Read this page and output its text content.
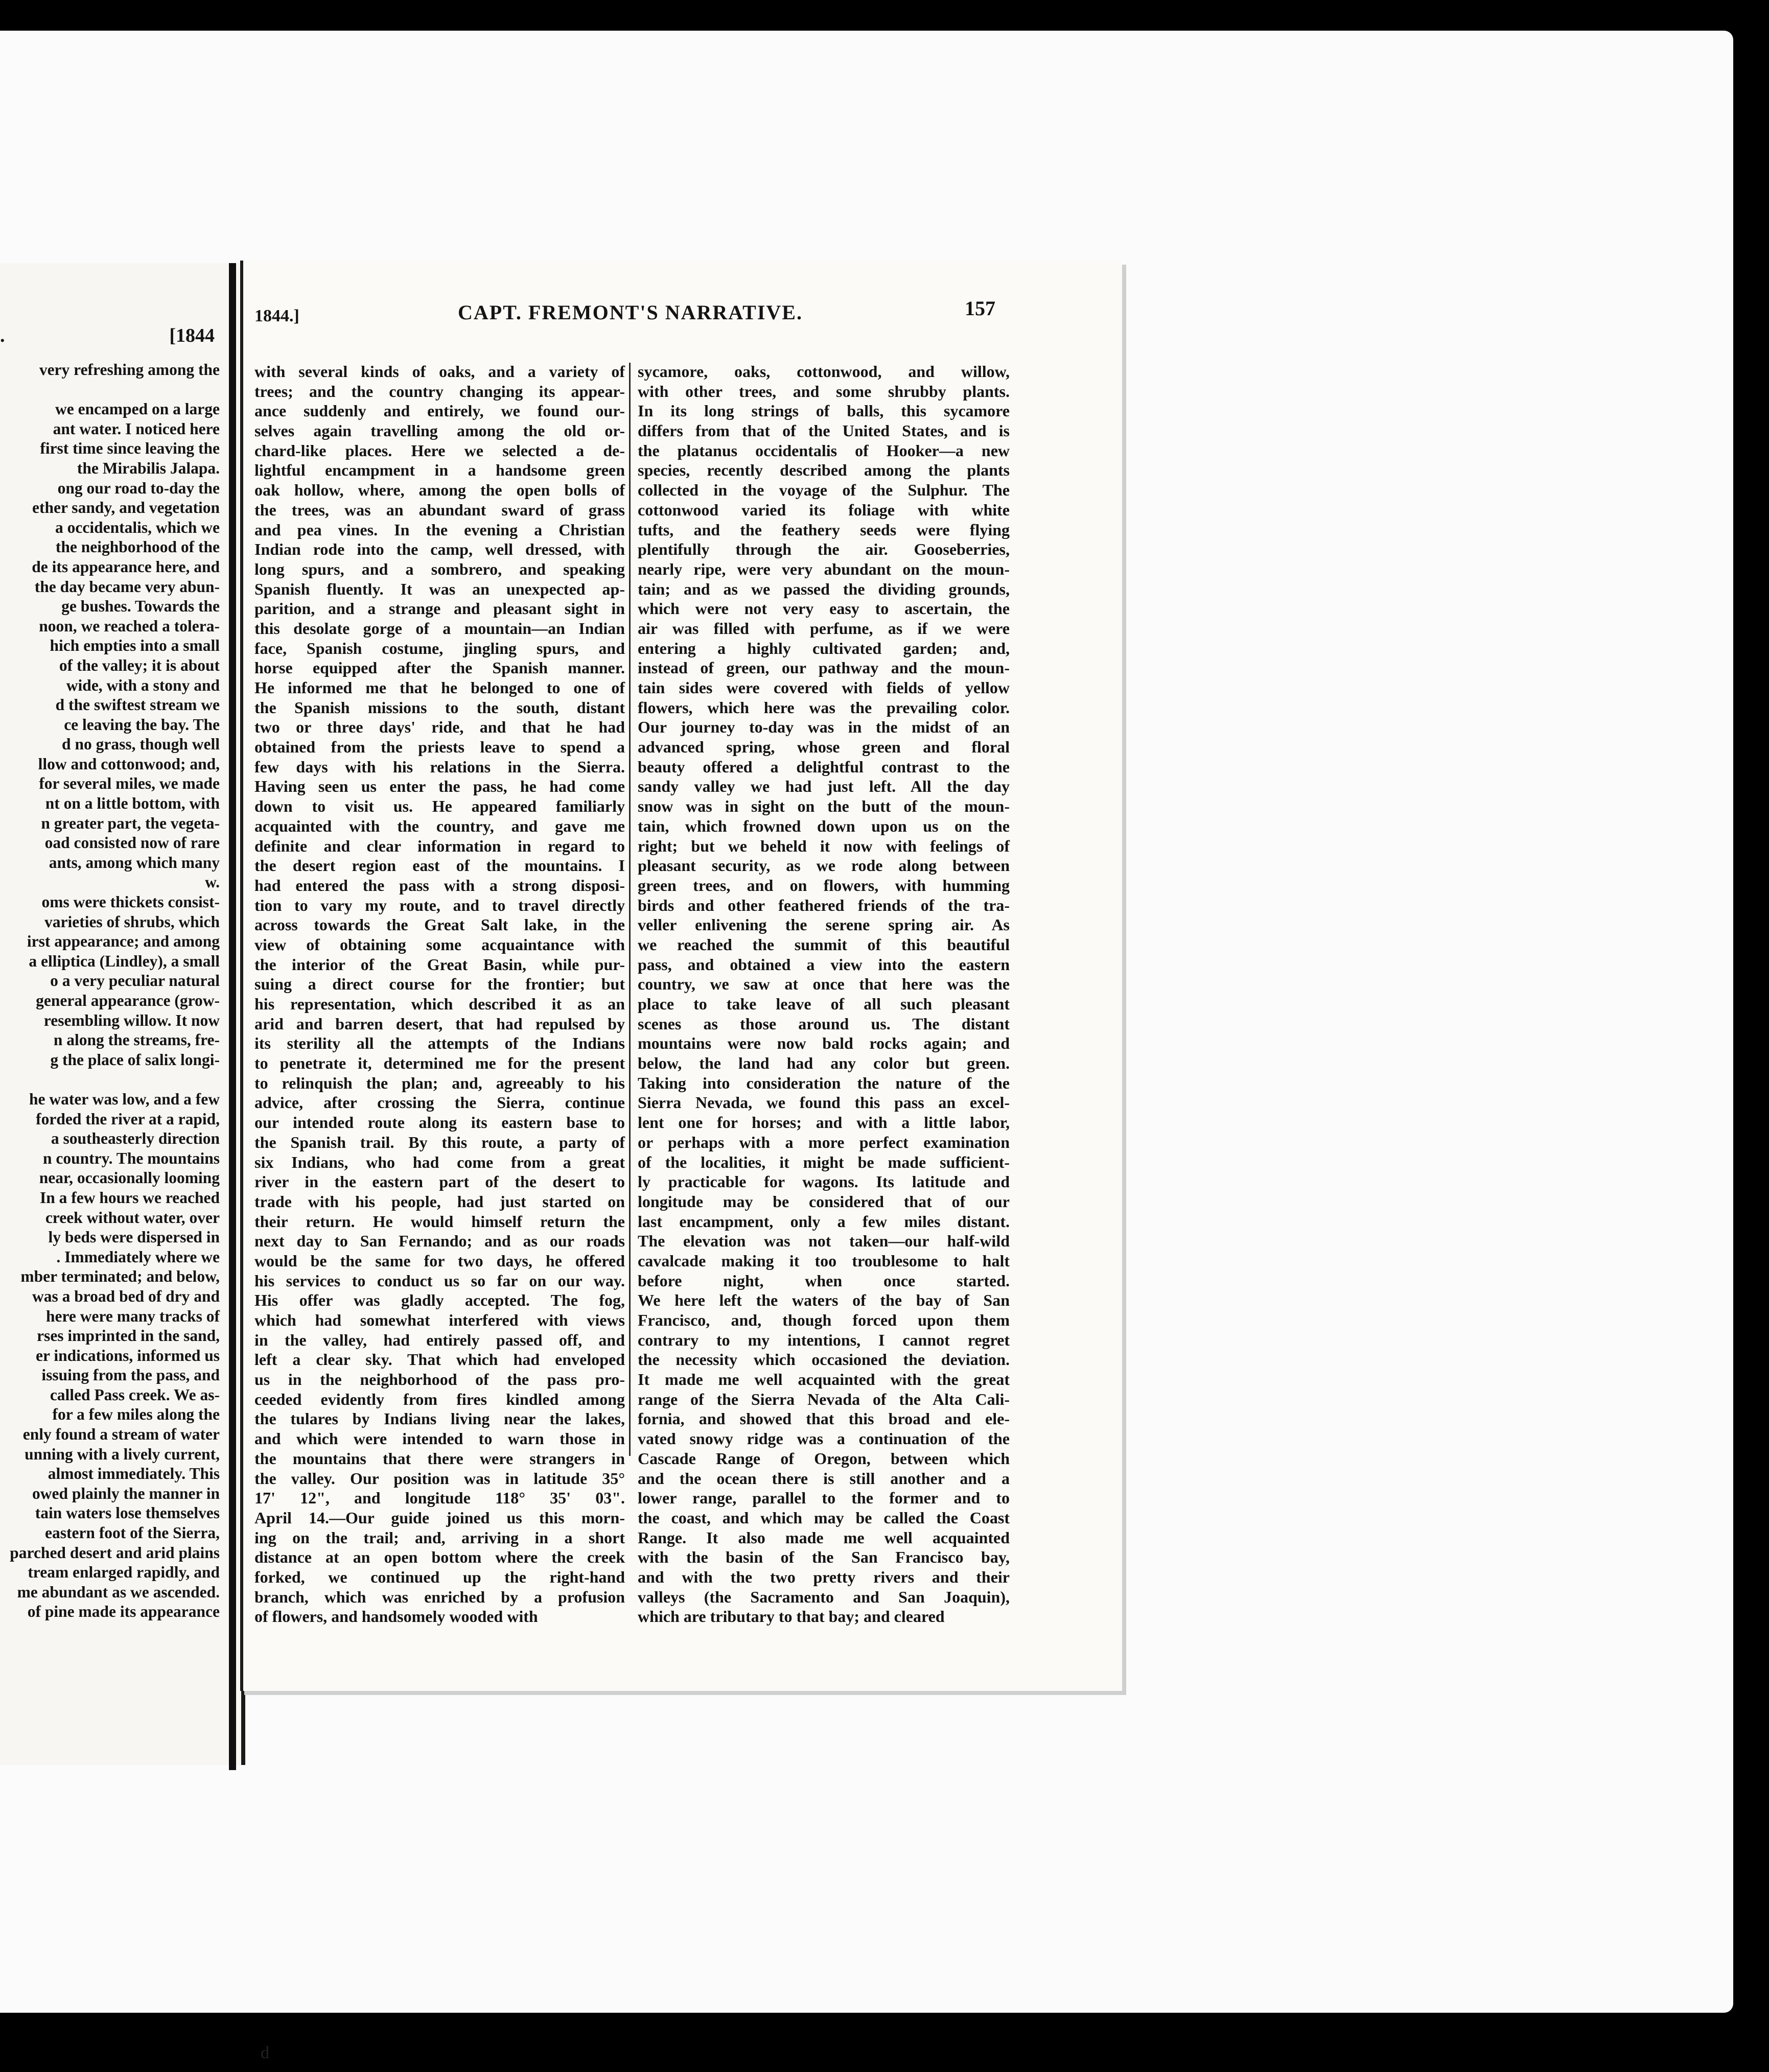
.	[1844
very refreshing among the
we encamped on a large
ant water. I noticed here
first time since leaving the
the Mirabilis Jalapa.
ong our road to-day the
ether sandy, and vegetation
a occidentalis, which we
the neighborhood of the
de its appearance here, and
the day became very abun-
ge bushes. Towards the
noon, we reached a tolera-
hich empties into a small
of the valley; it is about
wide, with a stony and
d the swiftest stream we
ce leaving the bay. The
d no grass, though well
llow and cottonwood; and,
for several miles, we made
nt on a little bottom, with
n greater part, the vegeta-
oad consisted now of rare
ants, among which many
w.
oms were thickets consist-
varieties of shrubs, which
irst appearance; and among
a elliptica (Lindley), a small
o a very peculiar natural
general appearance (grow-
resembling willow. It now
n along the streams, fre-
g the place of salix longi-
he water was low, and a few
forded the river at a rapid,
a southeasterly direction
n country. The mountains
near, occasionally looming
In a few hours we reached
creek without water, over
ly beds were dispersed in
. Immediately where we
mber terminated; and below,
was a broad bed of dry and
here were many tracks of
rses imprinted in the sand,
er indications, informed us
issuing from the pass, and
called Pass creek. We as-
for a few miles along the
enly found a stream of water
unning with a lively current,
almost immediately. This
owed plainly the manner in
tain waters lose themselves
eastern foot of the Sierra,
parched desert and arid plains
tream enlarged rapidly, and
me abundant as we ascended.
of pine made its appearance
1844.]	CAPT. FREMONT'S NARRATIVE.	157
with several kinds of oaks, and a variety of
trees; and the country changing its appear-
ance suddenly and entirely, we found our-
selves again travelling among the old or-
chard-like places. Here we selected a de-
lightful encampment in a handsome green
oak hollow, where, among the open bolls of
the trees, was an abundant sward of grass
and pea vines. In the evening a Christian
Indian rode into the camp, well dressed, with
long spurs, and a sombrero, and speaking
Spanish fluently. It was an unexpected ap-
parition, and a strange and pleasant sight in
this desolate gorge of a mountain—an Indian
face, Spanish costume, jingling spurs, and
horse equipped after the Spanish manner.
He informed me that he belonged to one of
the Spanish missions to the south, distant
two or three days' ride, and that he had
obtained from the priests leave to spend a
few days with his relations in the Sierra.
Having seen us enter the pass, he had come
down to visit us. He appeared familiarly
acquainted with the country, and gave me
definite and clear information in regard to
the desert region east of the mountains. I
had entered the pass with a strong disposi-
tion to vary my route, and to travel directly
across towards the Great Salt lake, in the
view of obtaining some acquaintance with
the interior of the Great Basin, while pur-
suing a direct course for the frontier; but
his representation, which described it as an
arid and barren desert, that had repulsed by
its sterility all the attempts of the Indians
to penetrate it, determined me for the present
to relinquish the plan; and, agreeably to his
advice, after crossing the Sierra, continue
our intended route along its eastern base to
the Spanish trail. By this route, a party of
six Indians, who had come from a great
river in the eastern part of the desert to
trade with his people, had just started on
their return. He would himself return the
next day to San Fernando; and as our roads
would be the same for two days, he offered
his services to conduct us so far on our way.
His offer was gladly accepted. The fog,
which had somewhat interfered with views
in the valley, had entirely passed off, and
left a clear sky. That which had enveloped
us in the neighborhood of the pass pro-
ceeded evidently from fires kindled among
the tulares by Indians living near the lakes,
and which were intended to warn those in
the mountains that there were strangers in
the valley. Our position was in latitude 35°
17' 12", and longitude 118° 35' 03".
April 14.—Our guide joined us this morn-
ing on the trail; and, arriving in a short
distance at an open bottom where the creek
forked, we continued up the right-hand
branch, which was enriched by a profusion
of flowers, and handsomely wooded with
sycamore, oaks, cottonwood, and willow,
with other trees, and some shrubby plants.
In its long strings of balls, this sycamore
differs from that of the United States, and is
the platanus occidentalis of Hooker—a new
species, recently described among the plants
collected in the voyage of the Sulphur. The
cottonwood varied its foliage with white
tufts, and the feathery seeds were flying
plentifully through the air. Gooseberries,
nearly ripe, were very abundant on the moun-
tain; and as we passed the dividing grounds,
which were not very easy to ascertain, the
air was filled with perfume, as if we were
entering a highly cultivated garden; and,
instead of green, our pathway and the moun-
tain sides were covered with fields of yellow
flowers, which here was the prevailing color.
Our journey to-day was in the midst of an
advanced spring, whose green and floral
beauty offered a delightful contrast to the
sandy valley we had just left. All the day
snow was in sight on the butt of the moun-
tain, which frowned down upon us on the
right; but we beheld it now with feelings of
pleasant security, as we rode along between
green trees, and on flowers, with humming
birds and other feathered friends of the tra-
veller enlivening the serene spring air. As
we reached the summit of this beautiful
pass, and obtained a view into the eastern
country, we saw at once that here was the
place to take leave of all such pleasant
scenes as those around us. The distant
mountains were now bald rocks again; and
below, the land had any color but green.
Taking into consideration the nature of the
Sierra Nevada, we found this pass an excel-
lent one for horses; and with a little labor,
or perhaps with a more perfect examination
of the localities, it might be made sufficient-
ly practicable for wagons. Its latitude and
longitude may be considered that of our
last encampment, only a few miles distant.
The elevation was not taken—our half-wild
cavalcade making it too troublesome to halt
before night, when once started.
We here left the waters of the bay of San
Francisco, and, though forced upon them
contrary to my intentions, I cannot regret
the necessity which occasioned the deviation.
It made me well acquainted with the great
range of the Sierra Nevada of the Alta Cali-
fornia, and showed that this broad and ele-
vated snowy ridge was a continuation of the
Cascade Range of Oregon, between which
and the ocean there is still another and a
lower range, parallel to the former and to
the coast, and which may be called the Coast
Range. It also made me well acquainted
with the basin of the San Francisco bay,
and with the two pretty rivers and their
valleys (the Sacramento and San Joaquin),
which are tributary to that bay; and cleared
d
